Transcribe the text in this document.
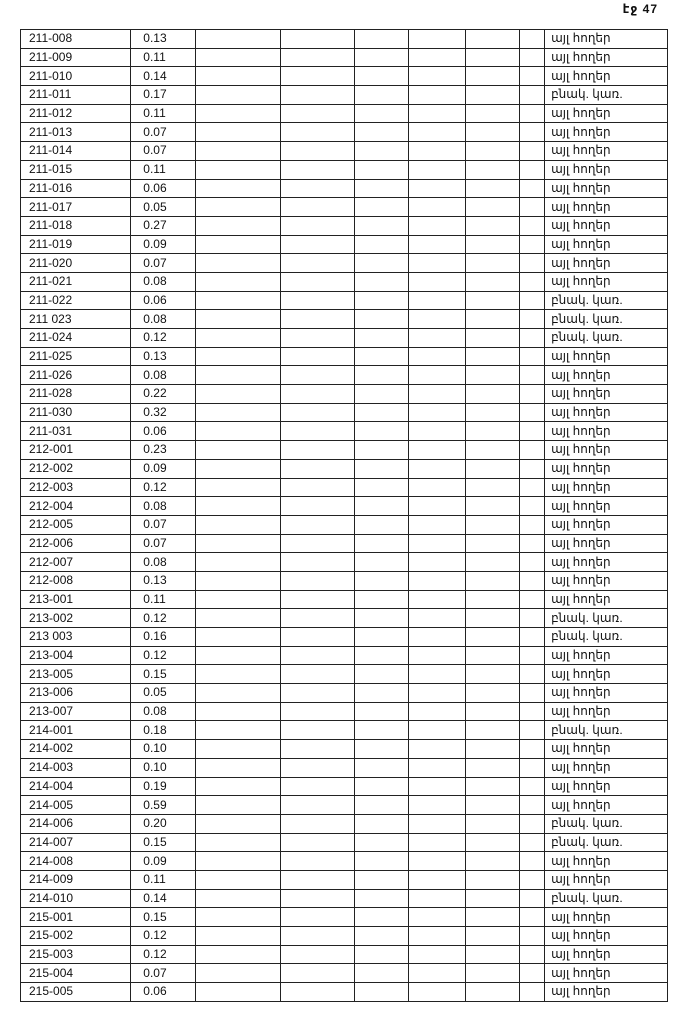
էջ 47
211-008	0.13							այլ հողեր
211-009	0.11							այլ հողեր
211-010	0.14							այլ հողեր
211-011	0.17							բնակ. կառ.
211-012	0.11							այլ հողեր
211-013	0.07							այլ հողեր
211-014	0.07							այլ հողեր
211-015	0.11							այլ հողեր
211-016	0.06							այլ հողեր
211-017	0.05							այլ հողեր
211-018	0.27							այլ հողեր
211-019	0.09							այլ հողեր
211-020	0.07							այլ հողեր
211-021	0.08							այլ հողեր
211-022	0.06							բնակ. կառ.
211 023	0.08							բնակ. կառ.
211-024	0.12							բնակ. կառ.
211-025	0.13							այլ հողեր
211-026	0.08							այլ հողեր
211-028	0.22							այլ հողեր
211-030	0.32							այլ հողեր
211-031	0.06							այլ հողեր
212-001	0.23							այլ հողեր
212-002	0.09							այլ հողեր
212-003	0.12							այլ հողեր
212-004	0.08							այլ հողեր
212-005	0.07							այլ հողեր
212-006	0.07							այլ հողեր
212-007	0.08							այլ հողեր
212-008	0.13							այլ հողեր
213-001	0.11							այլ հողեր
213-002	0.12							բնակ. կառ.
213 003	0.16							բնակ. կառ.
213-004	0.12							այլ հողեր
213-005	0.15							այլ հողեր
213-006	0.05							այլ հողեր
213-007	0.08							այլ հողեր
214-001	0.18							բնակ. կառ.
214-002	0.10							այլ հողեր
214-003	0.10							այլ հողեր
214-004	0.19							այլ հողեր
214-005	0.59							այլ հողեր
214-006	0.20							բնակ. կառ.
214-007	0.15							բնակ. կառ.
214-008	0.09							այլ հողեր
214-009	0.11							այլ հողեր
214-010	0.14							բնակ. կառ.
215-001	0.15							այլ հողեր
215-002	0.12							այլ հողեր
215-003	0.12							այլ հողեր
215-004	0.07							այլ հողեր
215-005	0.06							այլ հողեր
